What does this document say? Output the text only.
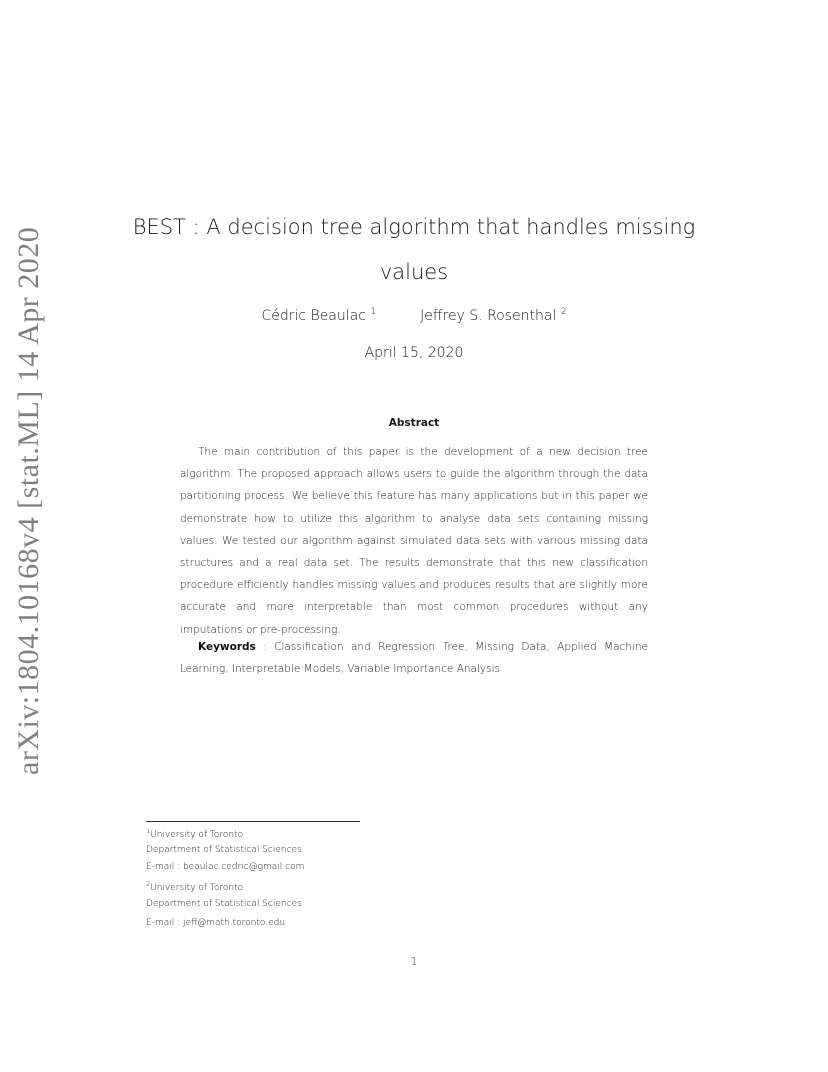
arXiv:1804.10168v4 [stat.ML] 14 Apr 2020	BEST : A decision tree algorithm that handles missing values
Cédric Beaulac $^1$	Jeffrey S. Rosenthal $^2$
April 15, 2020
Abstract
The main contribution of this paper is the development of a new decision tree algorithm. The proposed approach allows users to guide the algorithm through the data partitioning process. We believe this feature has many applications but in this paper we demonstrate how to utilize this algorithm to analyse data sets containing missing values. We tested our algorithm against simulated data sets with various missing data structures and a real data set. The results demonstrate that this new classification procedure efficiently handles missing values and produces results that are slightly more accurate and more interpretable than most common procedures without any imputations or pre-processing.
Keywords : Classification and Regression Tree, Missing Data, Applied Machine Learning, Interpretable Models, Variable Importance Analysis
$^1$University of Toronto
Department of Statistical Sciences
E-mail : beaulac.cedric@gmail.com
$^2$University of Toronto
Department of Statistical Sciences
E-mail : jeff@math.toronto.edu
1
